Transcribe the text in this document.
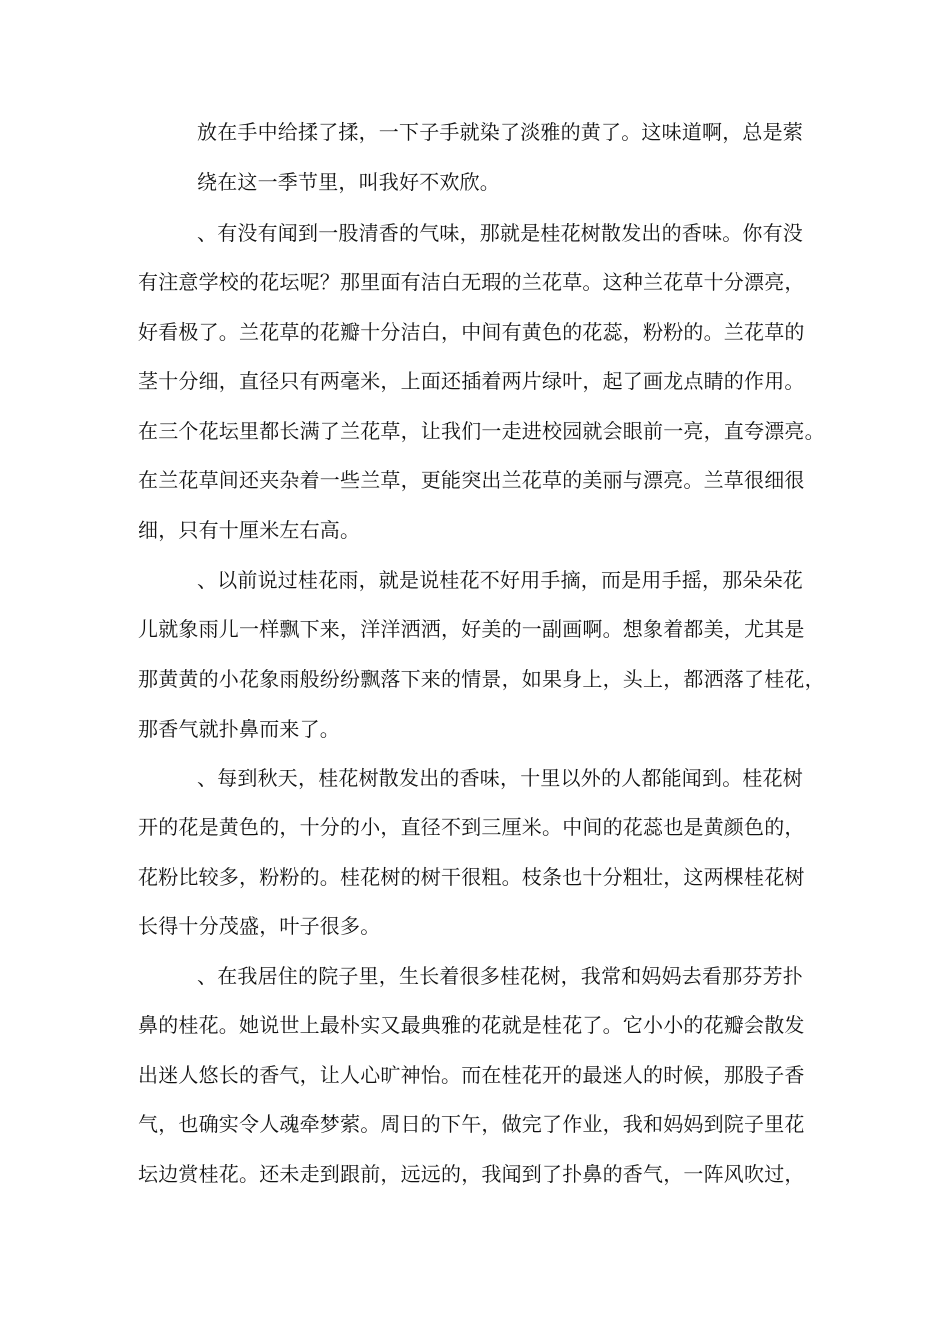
放在手中给揉了揉，一下子手就染了淡雅的黄了。这味道啊，总是萦
绕在这一季节里，叫我好不欢欣。
、有没有闻到一股清香的气味，那就是桂花树散发出的香味。你有没
有注意学校的花坛呢？那里面有洁白无瑕的兰花草。这种兰花草十分漂亮，
好看极了。兰花草的花瓣十分洁白，中间有黄色的花蕊，粉粉的。兰花草的
茎十分细，直径只有两毫米，上面还插着两片绿叶，起了画龙点睛的作用。
在三个花坛里都长满了兰花草，让我们一走进校园就会眼前一亮，直夸漂亮。
在兰花草间还夹杂着一些兰草，更能突出兰花草的美丽与漂亮。兰草很细很
细，只有十厘米左右高。
、以前说过桂花雨，就是说桂花不好用手摘，而是用手摇，那朵朵花
儿就象雨儿一样飘下来，洋洋洒洒，好美的一副画啊。想象着都美，尤其是
那黄黄的小花象雨般纷纷飘落下来的情景，如果身上，头上，都洒落了桂花，
那香气就扑鼻而来了。
、每到秋天，桂花树散发出的香味，十里以外的人都能闻到。桂花树
开的花是黄色的，十分的小，直径不到三厘米。中间的花蕊也是黄颜色的，
花粉比较多，粉粉的。桂花树的树干很粗。枝条也十分粗壮，这两棵桂花树
长得十分茂盛，叶子很多。
、在我居住的院子里，生长着很多桂花树，我常和妈妈去看那芬芳扑
鼻的桂花。她说世上最朴实又最典雅的花就是桂花了。它小小的花瓣会散发
出迷人悠长的香气，让人心旷神怡。而在桂花开的最迷人的时候，那股子香
气，也确实令人魂牵梦萦。周日的下午，做完了作业，我和妈妈到院子里花
坛边赏桂花。还未走到跟前，远远的，我闻到了扑鼻的香气，一阵风吹过，
